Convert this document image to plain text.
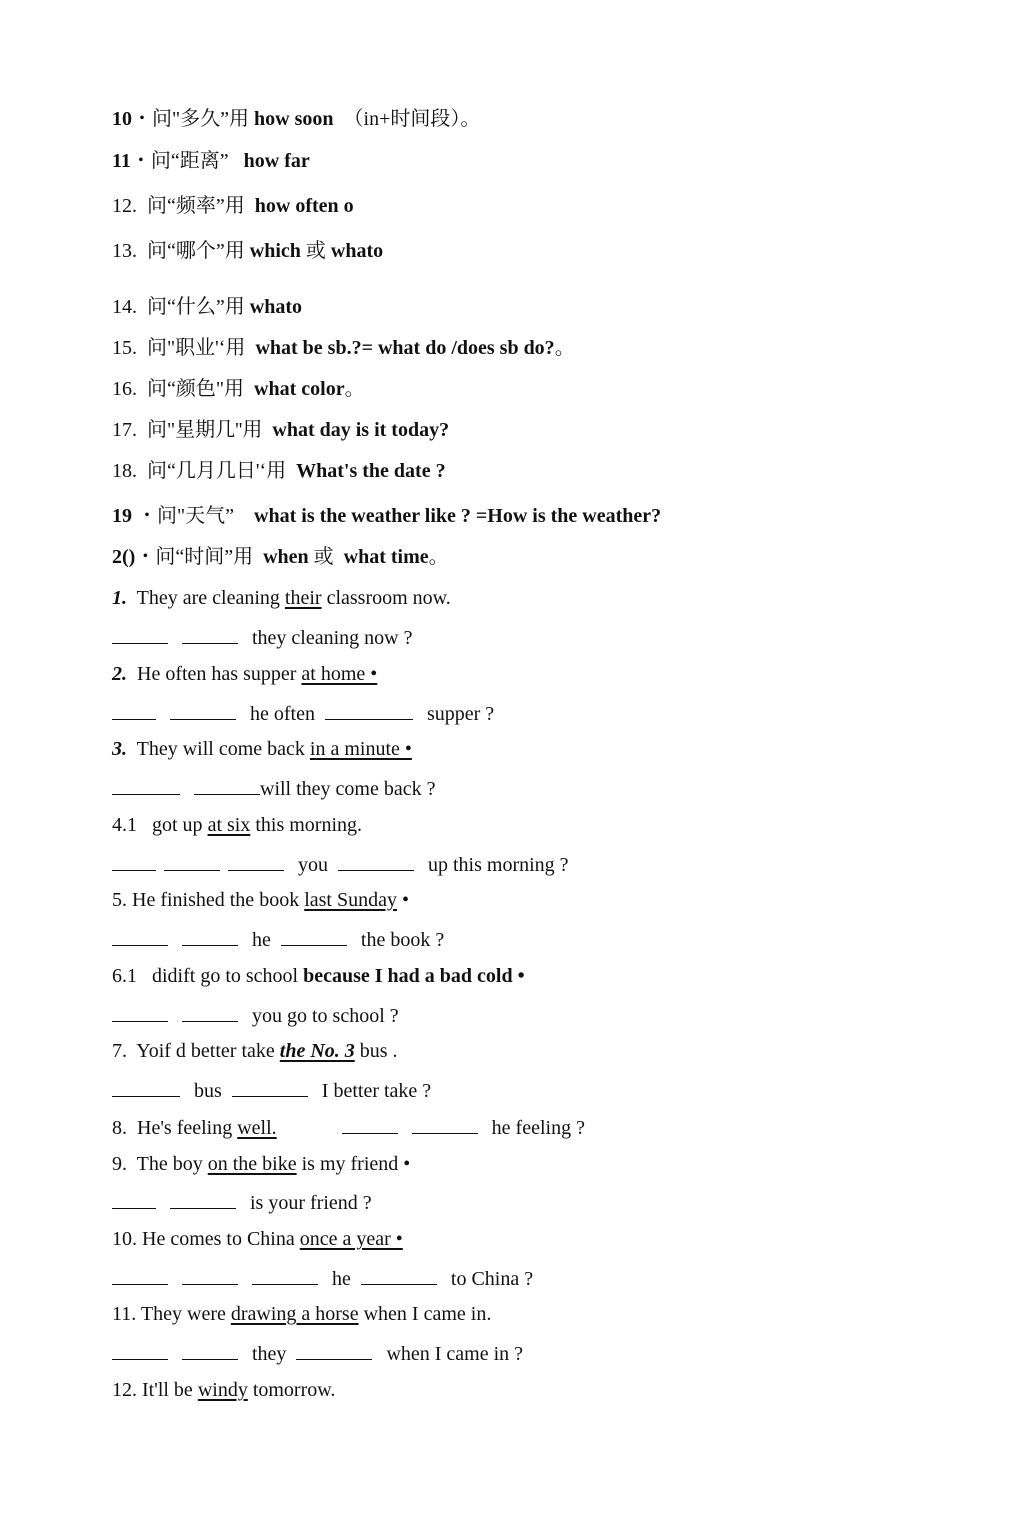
10・问"多久”用 how soon （in+时间段）。
11・问“距离” how far
12. 问“频率”用 how often o
13. 问“哪个”用 which 或 whato
14. 问“什么”用 whato
15. 问"职业'‘用 what be sb.?= what do /does sb do?。
16. 问“颜色"用 what color。
17. 问"星期几''用 what day is it today?
18. 问“几月几日'‘用 What's the date ?
19 ・问"天气” what is the weather like ? =How is the weather?
2()・问“时间”用 when 或 what time。
1. They are cleaning their classroom now.
they cleaning now ?
2. He often has supper at home •
he often	supper ?
3. They will come back in a minute •
will they come back ?
4.1 got up at six this morning.
you	up this morning ?
5. He finished the book last Sunday •
he	the book ?
6.1 didift go to school because I had a bad cold •
you go to school ?
7. Yoif d better take the No. 3 bus .
bus	I better take ?
8. He's feeling well.	he feeling ?
9. The boy on the bike is my friend •
is your friend ?
10. He comes to China once a year •
he	to China ?
11. They were drawing a horse when I came in.
they	when I came in ?
12. It'll be windy tomorrow.
